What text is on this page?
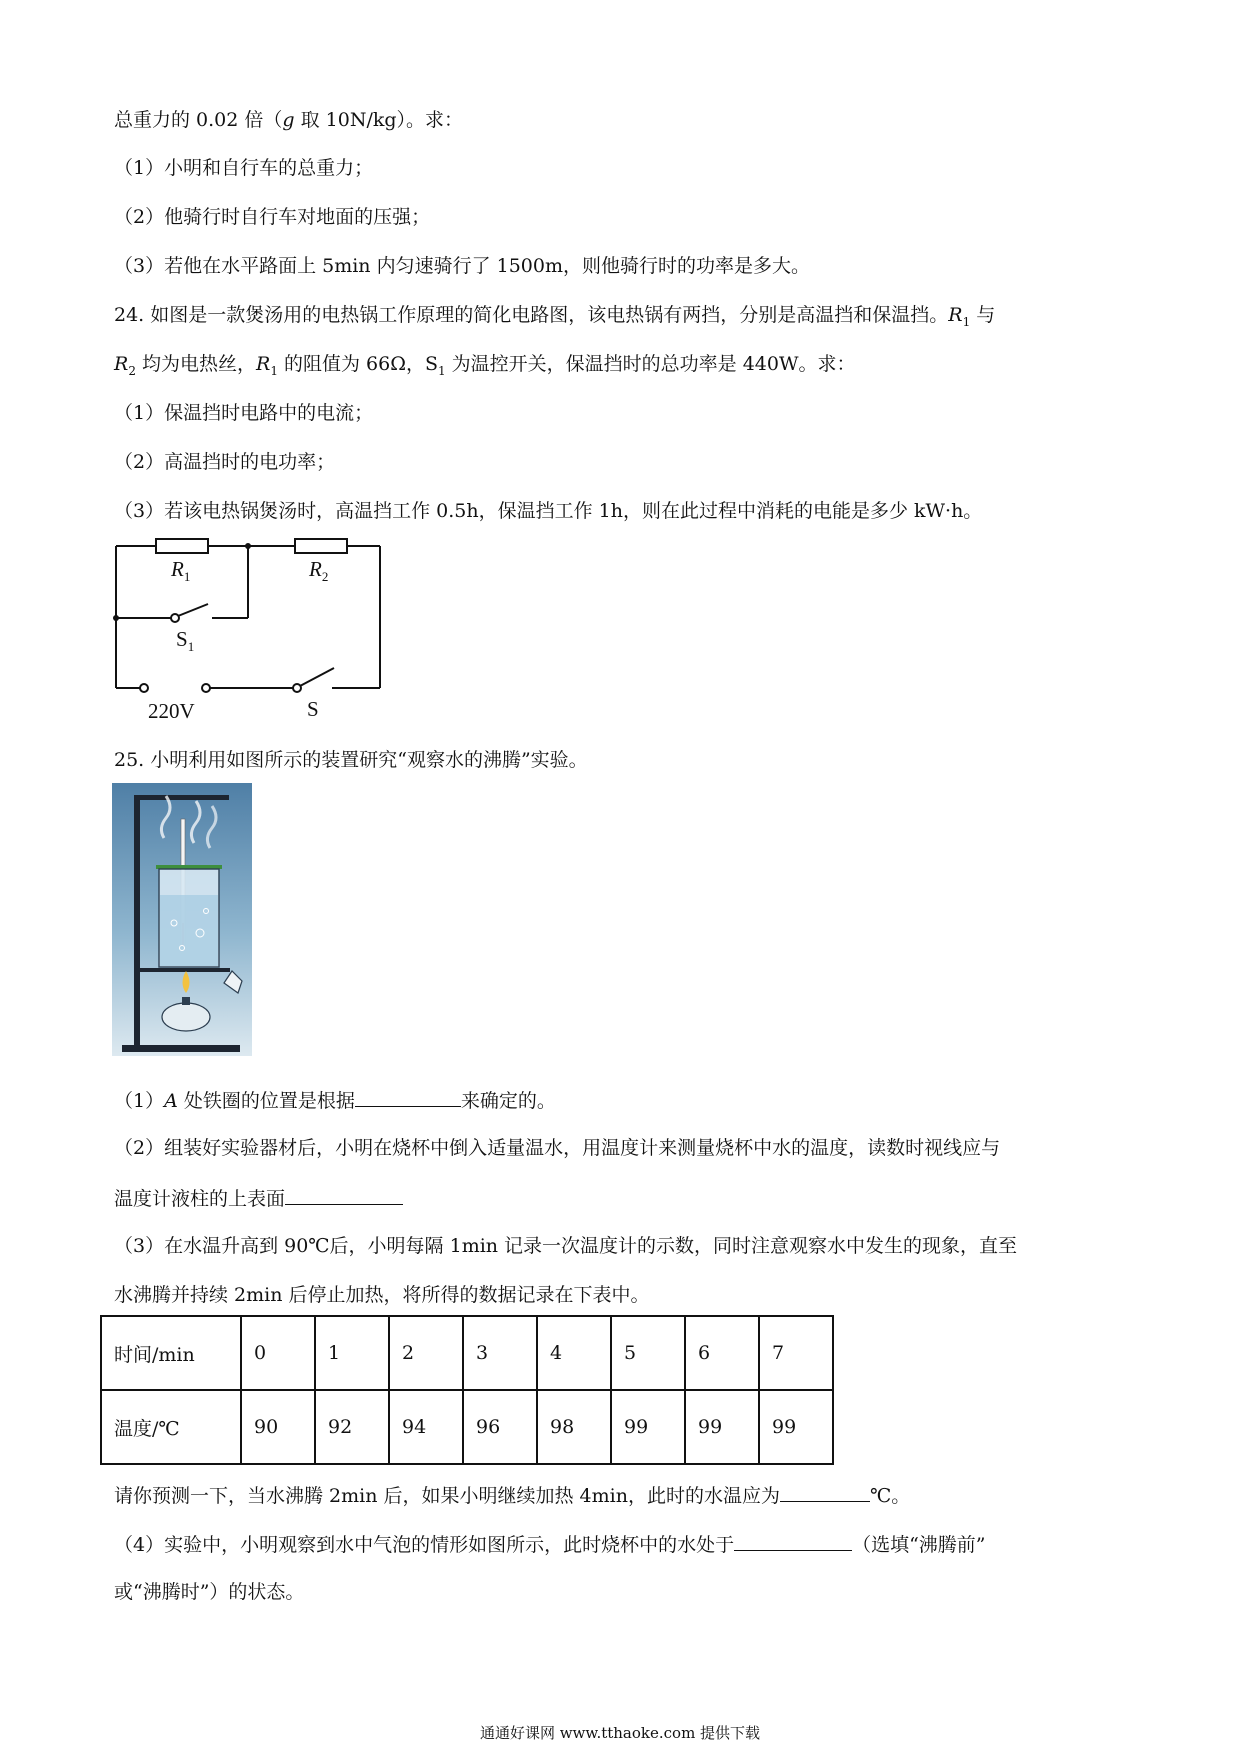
总重力的 0.02 倍（g 取 10N/kg）。求：
（1）小明和自行车的总重力；
（2）他骑行时自行车对地面的压强；
（3）若他在水平路面上 5min 内匀速骑行了 1500m，则他骑行时的功率是多大。
24. 如图是一款煲汤用的电热锅工作原理的简化电路图，该电热锅有两挡，分别是高温挡和保温挡。$R_1$ 与
$R_2$ 均为电热丝，$R_1$ 的阻值为 66Ω，$S_1$ 为温控开关，保温挡时的总功率是 440W。求：
（1）保温挡时电路中的电流；
（2）高温挡时的电功率；
（3）若该电热锅煲汤时，高温挡工作 0.5h，保温挡工作 1h，则在此过程中消耗的电能是多少 kW·h。
$R_1$	$R_2$
$S_1$
S
220V
25. 小明利用如图所示的装置研究“观察水的沸腾”实验。
（1）A 处铁圈的位置是根据	来确定的。
（2）组装好实验器材后，小明在烧杯中倒入适量温水，用温度计来测量烧杯中水的温度，读数时视线应与
温度计液柱的上表面
（3）在水温升高到 90℃后，小明每隔 1min 记录一次温度计的示数，同时注意观察水中发生的现象，直至
水沸腾并持续 2min 后停止加热，将所得的数据记录在下表中。
时间/min	0	1	2	3	4	5	6	7
温度/℃	90	92	94	96	98	99	99	99
请你预测一下，当水沸腾 2min 后，如果小明继续加热 4min，此时的水温应为	℃。
（4）实验中，小明观察到水中气泡的情形如图所示，此时烧杯中的水处于	（选填“沸腾前”
或“沸腾时”）的状态。
通通好课网 www.tthaoke.com 提供下载
